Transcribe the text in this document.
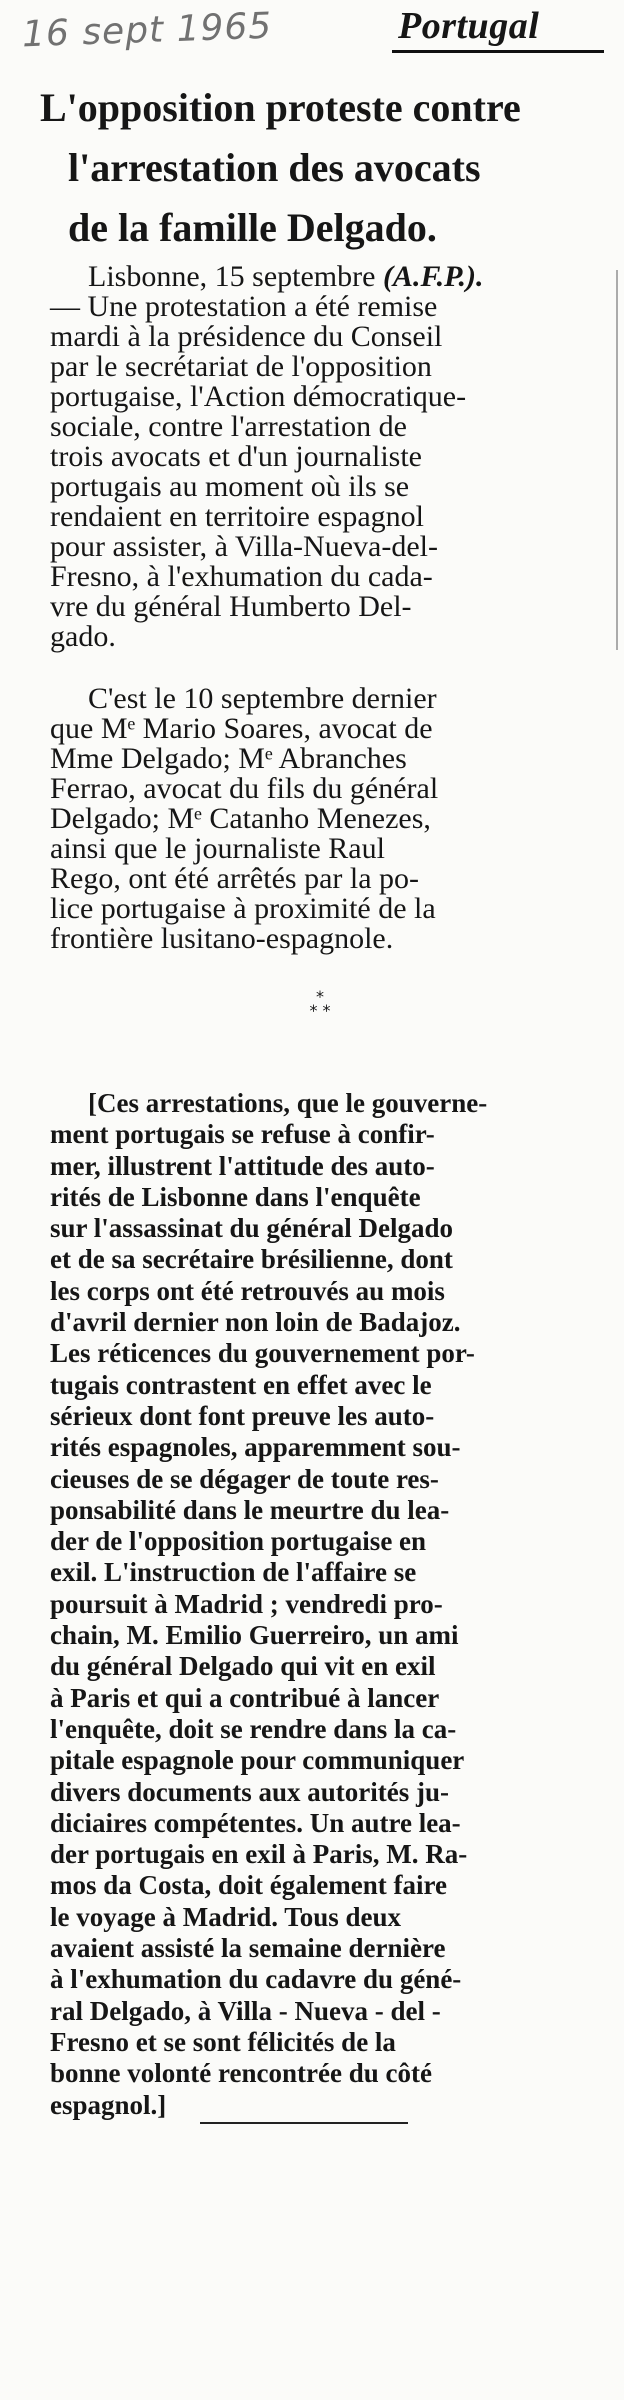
16 sept 1965	Portugal
L'opposition proteste contre
l'arrestation des avocats
de la famille Delgado.
Lisbonne, 15 septembre (A.F.P.).
— Une protestation a été remise
mardi à la présidence du Conseil
par le secrétariat de l'opposition
portugaise, l'Action démocratique-
sociale, contre l'arrestation de
trois avocats et d'un journaliste
portugais au moment où ils se
rendaient en territoire espagnol
pour assister, à Villa-Nueva-del-
Fresno, à l'exhumation du cada-
vre du général Humberto Del-
gado.
C'est le 10 septembre dernier
que Mᵉ Mario Soares, avocat de
Mme Delgado; Mᵉ Abranches
Ferrao, avocat du fils du général
Delgado; Mᵉ Catanho Menezes,
ainsi que le journaliste Raul
Rego, ont été arrêtés par la po-
lice portugaise à proximité de la
frontière lusitano-espagnole.
*
* *
[Ces arrestations, que le gouverne-
ment portugais se refuse à confir-
mer, illustrent l'attitude des auto-
rités de Lisbonne dans l'enquête
sur l'assassinat du général Delgado
et de sa secrétaire brésilienne, dont
les corps ont été retrouvés au mois
d'avril dernier non loin de Badajoz.
Les réticences du gouvernement por-
tugais contrastent en effet avec le
sérieux dont font preuve les auto-
rités espagnoles, apparemment sou-
cieuses de se dégager de toute res-
ponsabilité dans le meurtre du lea-
der de l'opposition portugaise en
exil. L'instruction de l'affaire se
poursuit à Madrid ; vendredi pro-
chain, M. Emilio Guerreiro, un ami
du général Delgado qui vit en exil
à Paris et qui a contribué à lancer
l'enquête, doit se rendre dans la ca-
pitale espagnole pour communiquer
divers documents aux autorités ju-
diciaires compétentes. Un autre lea-
der portugais en exil à Paris, M. Ra-
mos da Costa, doit également faire
le voyage à Madrid. Tous deux
avaient assisté la semaine dernière
à l'exhumation du cadavre du géné-
ral Delgado, à Villa - Nueva - del -
Fresno et se sont félicités de la
bonne volonté rencontrée du côté
espagnol.]
